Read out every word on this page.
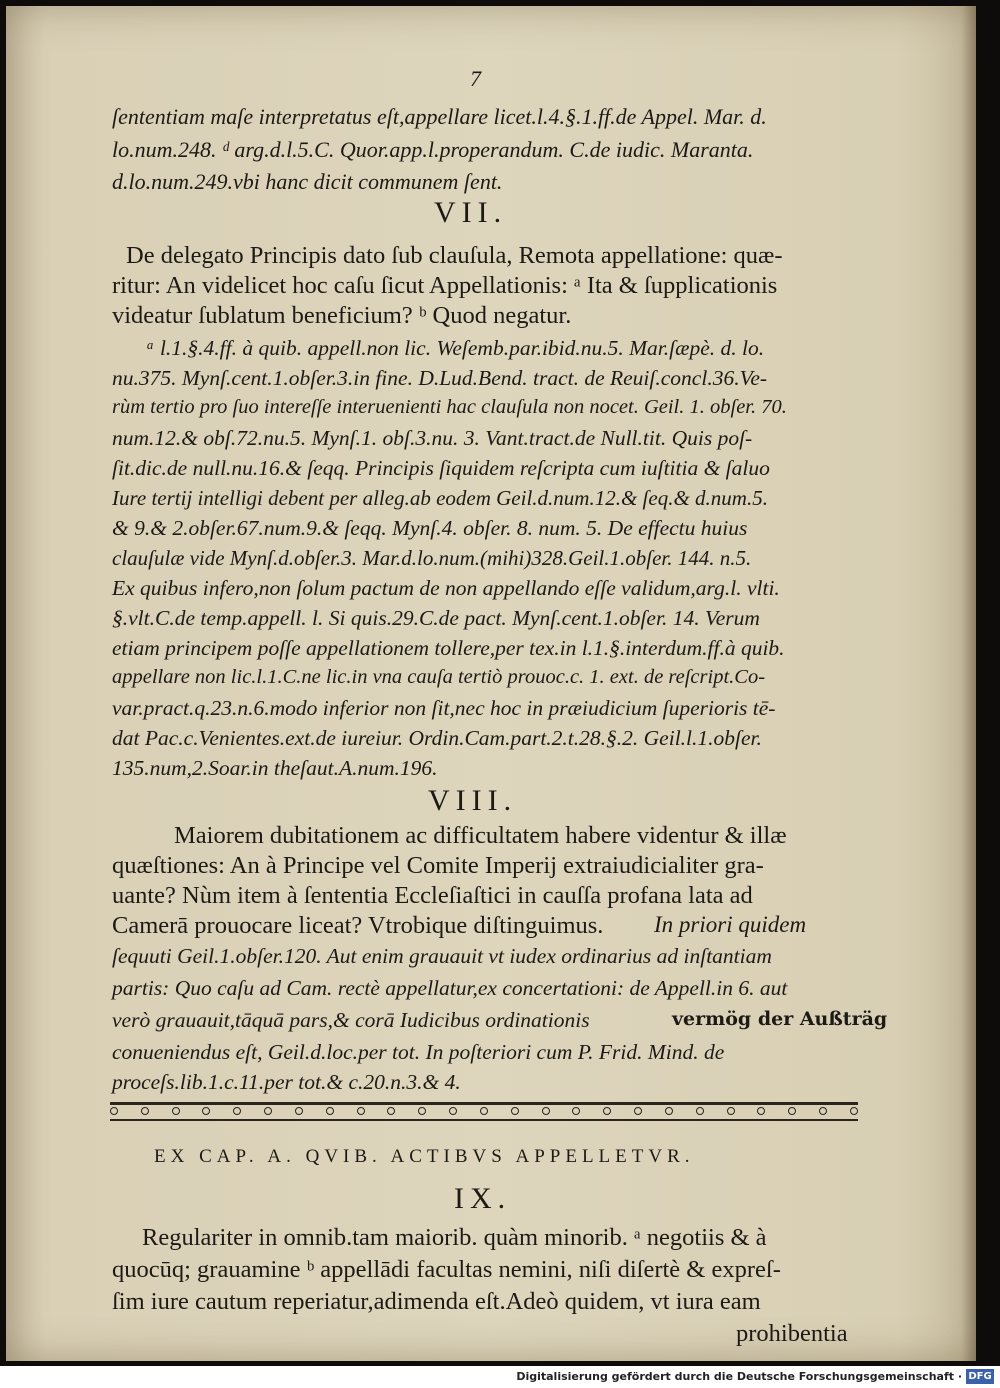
7
ſententiam maſe interpretatus eſt,appellare licet.l.4.§.1.ff.de Appel. Mar. d.
lo.num.248. ᵈ arg.d.l.5.C. Quor.app.l.properandum. C.de iudic. Maranta.
d.lo.num.249.vbi hanc dicit communem ſent.
VII.
De delegato Principis dato ſub clauſula, Remota appellatione: quæ-
ritur: An videlicet hoc caſu ſicut Appellationis: ᵃ Ita & ſupplicationis
videatur ſublatum beneficium? ᵇ Quod negatur.
ᵃ l.1.§.4.ff. à quib. appell.non lic. Weſemb.par.ibid.nu.5. Mar.ſæpè. d. lo.
nu.375. Mynſ.cent.1.obſer.3.in fine. D.Lud.Bend. tract. de Reuiſ.concl.36.Ve-
rùm tertio pro ſuo intereſſe interuenienti hac clauſula non nocet. Geil. 1. obſer. 70.
num.12.& obſ.72.nu.5. Mynſ.1. obſ.3.nu. 3. Vant.tract.de Null.tit. Quis poſ-
ſit.dic.de null.nu.16.& ſeqq. Principis ſiquidem reſcripta cum iuſtitia & ſaluo
Iure tertij intelligi debent per alleg.ab eodem Geil.d.num.12.& ſeq.& d.num.5.
& 9.& 2.obſer.67.num.9.& ſeqq. Mynſ.4. obſer. 8. num. 5. De effectu huius
clauſulæ vide Mynſ.d.obſer.3. Mar.d.lo.num.(mihi)328.Geil.1.obſer. 144. n.5.
Ex quibus infero,non ſolum pactum de non appellando eſſe validum,arg.l. vlti.
§.vlt.C.de temp.appell. l. Si quis.29.C.de pact. Mynſ.cent.1.obſer. 14. Verum
etiam principem poſſe appellationem tollere,per tex.in l.1.§.interdum.ff.à quib.
appellare non lic.l.1.C.ne lic.in vna cauſa tertiò prouoc.c. 1. ext. de reſcript.Co-
var.pract.q.23.n.6.modo inferior non ſit,nec hoc in præiudicium ſuperioris tē-
dat Pac.c.Venientes.ext.de iureiur. Ordin.Cam.part.2.t.28.§.2. Geil.l.1.obſer.
135.num,2.Soar.in theſaut.A.num.196.
VIII.
Maiorem dubitationem ac difficultatem habere videntur & illæ
quæſtiones: An à Principe vel Comite Imperij extraiudicialiter gra-
uante? Nùm item à ſententia Eccleſiaſtici in cauſſa profana lata ad
Camerā prouocare liceat? Vtrobique diſtinguimus. In priori quidem
ſequuti Geil.1.obſer.120. Aut enim grauauit vt iudex ordinarius ad inſtantiam
partis: Quo caſu ad Cam. rectè appellatur,ex concertationi: de Appell.in 6. aut
verò grauauit,tāquā pars,& corā Iudicibus ordinationis	vermög der Außträg
conueniendus eſt, Geil.d.loc.per tot. In poſteriori cum P. Frid. Mind. de
proceſs.lib.1.c.11.per tot.& c.20.n.3.& 4.
EX CAP. A. QVIB. ACTIBVS APPELLETVR.
IX.
Regulariter in omnib.tam maiorib. quàm minorib. ᵃ negotiis & à
quocūq; grauamine ᵇ appellādi facultas nemini, niſi diſertè & expreſ-
ſim iure cautum reperiatur,adimenda eſt.Adeò quidem, vt iura eam
prohibentia
Digitalisierung gefördert durch die Deutsche Forschungsgemeinschaft · DFG
